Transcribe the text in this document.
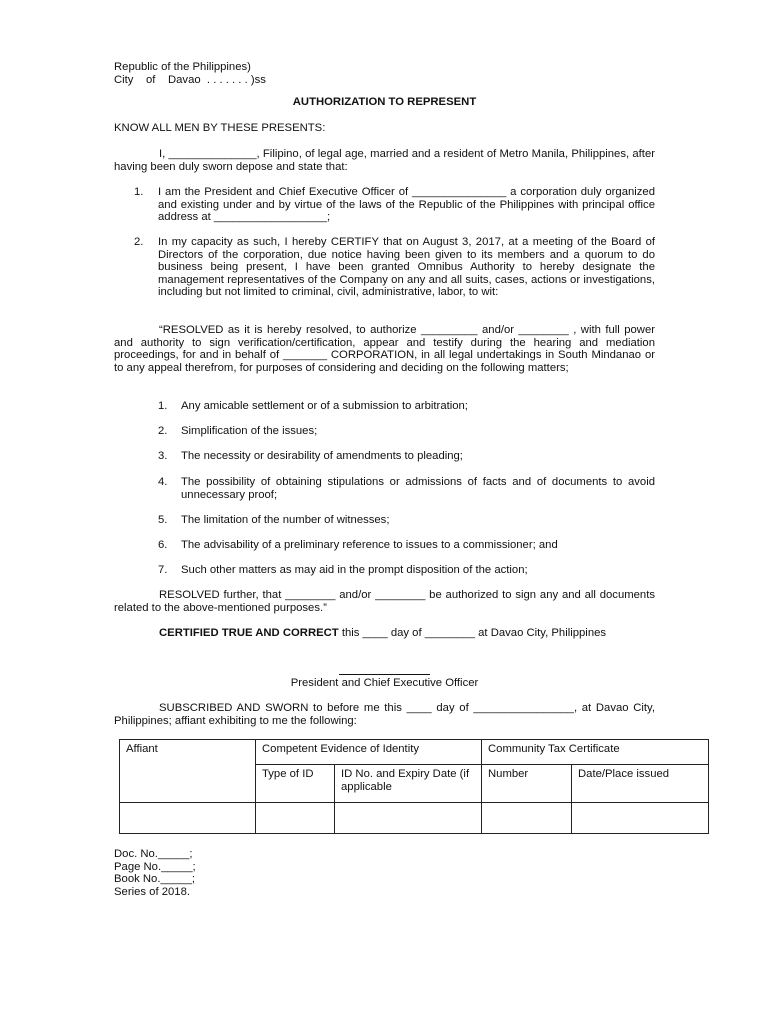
Republic of the Philippines)
City    of    Davao  . . . . . . . )ss
AUTHORIZATION TO REPRESENT
KNOW ALL MEN BY THESE PRESENTS:

I, ______________, Filipino, of legal age, married and a resident of Metro Manila, Philippines, after having been duly sworn depose and state that:

1. I am the President and Chief Executive Officer of _______________ a corporation duly organized and existing under and by virtue of the laws of the Republic of the Philippines with principal office address at __________________;

2. In my capacity as such, I hereby CERTIFY that on August 3, 2017, at a meeting of the Board of Directors of the corporation, due notice having been given to its members and a quorum to do business being present, I have been granted Omnibus Authority to hereby designate the management representatives of the Company on any and all suits, cases, actions or investigations, including but not limited to criminal, civil, administrative, labor, to wit:

“RESOLVED as it is hereby resolved, to authorize _________ and/or ________ , with full power and authority to sign verification/certification, appear and testify during the hearing and mediation proceedings, for and in behalf of _______ CORPORATION, in all legal undertakings in South Mindanao or to any appeal therefrom, for purposes of considering and deciding on the following matters;

1. Any amicable settlement or of a submission to arbitration;

2. Simplification of the issues;

3. The necessity or desirability of amendments to pleading;

4. The possibility of obtaining stipulations or admissions of facts and of documents to avoid unnecessary proof;

5. The limitation of the number of witnesses;

6. The advisability of a preliminary reference to issues to a commissioner; and

7. Such other matters as may aid in the prompt disposition of the action;

RESOLVED further, that ________ and/or ________ be authorized to sign any and all documents related to the above-mentioned purposes.”

CERTIFIED TRUE AND CORRECT this ____ day of ________ at Davao City, Philippines

President and Chief Executive Officer

SUBSCRIBED AND SWORN to before me this ____ day of ________________, at Davao City, Philippines; affiant exhibiting to me the following:

Affiant	Competent Evidence of Identity		Community Tax Certificate	
	Type of ID	ID No. and Expiry Date (if applicable	Number	Date/Place issued

Doc. No._____;
Page No._____;
Book No._____;
Series of 2018.
